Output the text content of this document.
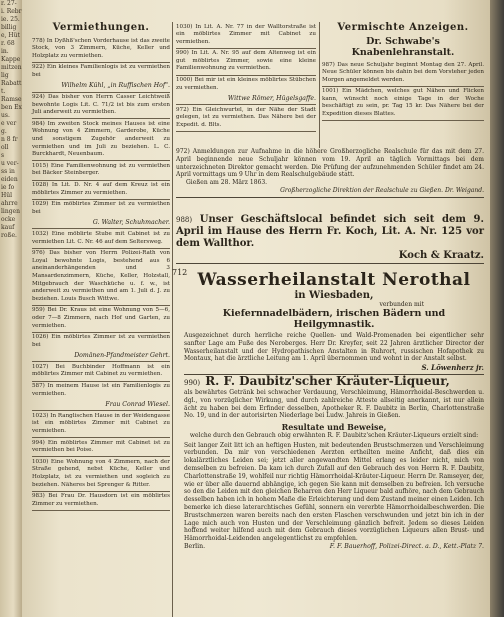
r. 27-
i. Rebr
ie. 25.
billig
e, Hüt
r. 68
in.
Kappe
mitzen
lig
Rabatt
t.
Ramse
ben Ex
us.
e ver
g.
n 8 fr
oll
s
u ver-
ss in
eiden
ie fo
Hül
ahrre
lingen
ocke
kauf
roße.
Vermiethungen.
778) In Dyßhß'schen Vorderhause ist das zweite Stock, von 3 Zimmern, Küche, Keller und Holzplatz zu vermiethen.
922) Ein kleines Familienlogis ist zu vermiethen bei
Wilhelm Kühl, „in Ruffischen Hof".
924) Das bisher von Herrn Casser Leichtweiß bewohnte Logis Lit. C. 71/2 ist bis zum ersten Juli anderweit zu vermiethen.
984) Im zweiten Stock meines Hauses ist eine Wohnung von 4 Zimmern, Garderobe, Küche und sonstigem Zugehör anderweit zu vermiethen und im Juli zu beziehen. L. C. Burckhardt, Neuenbaum.
1015) Eine Familienwohnung ist zu vermiethen bei Bäcker Steinberger.
1028) In Lit. D. Nr. 4 auf dem Kreuz ist ein möblirtes Zimmer zu vermiethen.
1029) Ein möblirtes Zimmer ist zu vermiethen bei
G. Walter, Schuhmacher.
1032) Eine möblirte Stube mit Cabinet ist zu vermiethen Lit. C. Nr. 46 auf dem Seltersweg.
976) Das bisher von Herrn Polizei-Rath von Loyal bewohnte Logis, bestehend aus 6 aneinanderhängenden und 3 Mansardenzimmern, Küche, Keller, Holzstall, Mitgebrauch der Waschküche u. f. w., ist anderweit zu vermiethen und am 1. Juli d. J. zu beziehen. Louis Busch Wittwe.
959) Bei Dr. Kraus ist eine Wohnung von 5—6, oder 7—8 Zimmern, nach Hof und Garten, zu vermiethen.
1026) Ein möblirtes Zimmer ist zu vermiethen bei
Domänen-Pfandmeister Gehrt.
1027) Bei Buchbinder Hoffmann ist ein möblirtes Zimmer mit Cabinet zu vermiethen.
587) In meinem Hause ist ein Familienlogis zu vermiethen.
Frau Conrad Wiesel.
1023) In Ranglischen Hause in der Weidengasse ist ein möblirtes Zimmer mit Cabinet zu vermiethen.
994) Ein möblirtes Zimmer mit Cabinet ist zu vermiethen bei Poise.
1030) Eine Wohnung von 4 Zimmern, nach der Straße gehend, nebst Küche, Keller und Holzplatz, ist zu vermiethen und sogleich zu beziehen. Näheres bei Sprenger & Ritter.
983) Bei Frau Dr. Hausdorn ist ein möblirtes Zimmer zu vermiethen.
1030) In Lit. A. Nr. 77 in der Walltorstraße ist ein möblirtes Zimmer mit Cabinet zu vermiethen.
990) In Lit. A. Nr. 95 auf dem Altenweg ist ein gut möblirtes Zimmer, sowie eine kleine Familienwohnung zu vermiethen.
1000) Bei mir ist ein kleines möblirtes Stübchen zu vermiethen.
Wittwe Römer, Hügelsgaffe.
972) Ein Gleichwurtel, in der Nähe der Stadt gelegen, ist zu vermiethen. Das Nähere bei der Expedit. d. Blts.
Vermischte Anzeigen.
Dr. Schwabe's Knabenlehranstalt.
987) Das neue Schuljahr beginnt Montag den 27. April. Neue Schüler können bis dahin bei dem Vorsteher jeden Morgen angemeldet werden.
1001) Ein Mädchen, welches gut Nähen und Flicken kann, wünscht noch einige Tage in der Woche beschäftigt zu sein, pr. Tag 15 kr. Das Nähere bei der Expedition dieses Blattes.
972) Anmeldungen zur Aufnahme in die höhere Großherzogliche Realschule für das mit dem 27. April beginnende neue Schuljahr können vom 19. April an täglich Vormittags bei dem unterzeichneten Direktor gemacht werden. Die Prüfung der aufzunehmenden Schüler findet am 24. April vormittags um 9 Uhr in dem Realschulgebäude statt.
Gießen am 28. März 1863.
Großherzogliche Direktion der Realschule zu Gießen. Dr. Weigand.
988) Unser Geschäftslocal befindet sich seit dem 9. April im Hause des Herrn Fr. Koch, Lit. A. Nr. 125 vor dem Wallthor.
Koch & Kraatz.
712 Wasserheilanstalt Nerothal
in Wiesbaden,
verbunden mit
Kiefernnadelbädern, irischen Bädern und Heilgymnastik.
Ausgezeichnet durch herrliche reiche Quellen- und Wald-Promenaden bei eigentlicher sehr sanfter Lage am Fuße des Neroberges. Herr Dr. Kreyfer, seit 22 Jahren ärztlicher Director der Wasserheilanstalt und der Hydropathischen Anstalten in Ruhrort, russischen Hofapothek zu Montaux, hat die ärztliche Leitung am 1. April übernommen und wohnt in der Anstalt selbst.
S. Löwenherz jr.
990) R. F. Daubitz'scher Kräuter-Liqueur,
als bewährtes Getränk bei schwacher Verdauung, Verschleimung, Hämorrhoidal-Beschwerden u. dgl., von vorzüglicher Wirkung, und durch zahlreiche Atteste allseitig anerkannt, ist nur allein ächt zu haben bei dem Erfinder desselben, Apotheker R. F. Daubitz in Berlin, Charlottenstraße No. 19, und in der autorisirten Niederlage bei Ludw. Jahreis in Gießen.
Resultate und Beweise,
welche durch den Gebrauch obig erwähnten R. F. Daubitz'schen Kräuter-Liqueurs erzielt sind:
Seit langer Zeit litt ich an heftigen Husten, mit bedeutenden Brustschmerzen und Verschleimung verbunden. Da mir von verschiedenen Aerzten ertheilten meine Anficht, daß dies ein lokalärztliches Leiden sei; jetzt aller angewandten Mittel erlang es leider nicht, mich von demselben zu befreien. Da kam ich durch Zufall auf den Gebrauch des von Herrn R. F. Daubitz, Charlottenstraße 19, wohlfeil nur richtig Hämorrhoidal-Kräuter-Liqueur. Herrn Dr. Ramseyer, der, wie er über alle dauernd abhängige, ich gegen Sie kann mit demselben zu befreien. Ich versuche so den die Leiden mit den gleichen Beharren den Herr Liqueur bald aufhöre, nach dem Gebrauch desselben haben ich in hohem Maße die Erleichterung und dem Zustand meiner einen Leiden. Ich bemerke ich diese laterarchtisches Gefühl, sonnern ein vererbte Hämorrhoidalbeschwerden. Die Brustschmerzen waren bereits nach den ersten Flaschen verschwunden und jetzt bin ich in der Lage mich auch von Husten und der Verschleimung gänzlich befreit. Jedem so dieses Leiden hoffend weiter hilfend auch mit dem Gebrauch dieses vorzüglichen Liqueurs allen Brust- und Hämorrhoidal-Leidenden angelegentlichst zu empfehlen.
Berlin.	F. F. Bauerhoff, Polizei-Direct. a. D., Kett.-Platz 7.
